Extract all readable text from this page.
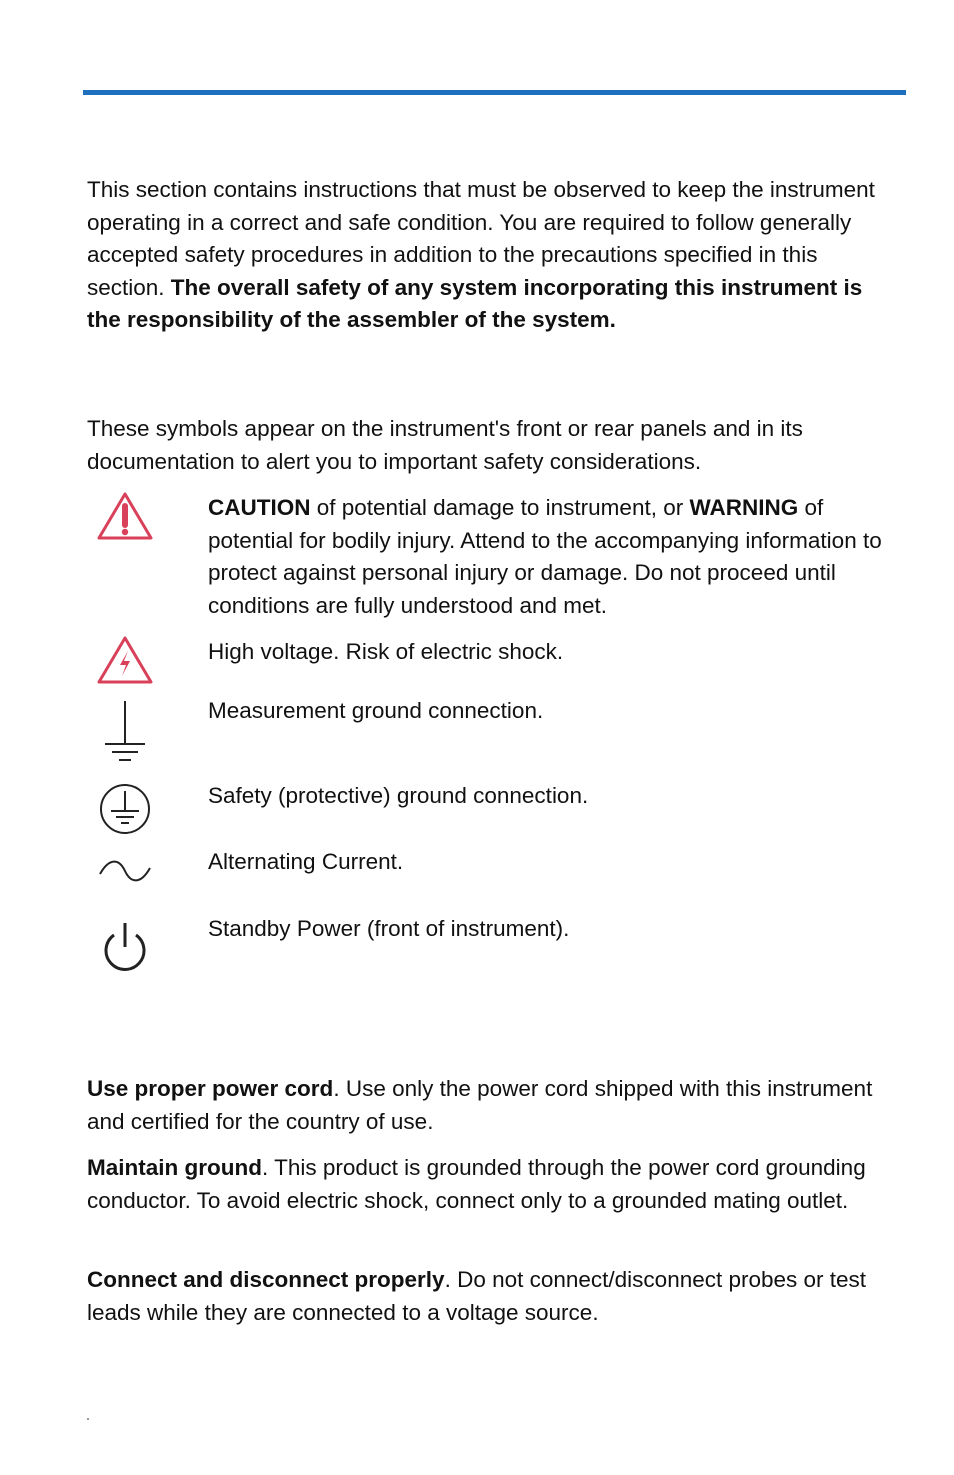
This section contains instructions that must be observed to keep the instrument operating in a correct and safe condition. You are required to follow generally accepted safety procedures in addition to the precautions specified in this section. The overall safety of any system incorporating this instrument is the responsibility of the assembler of the system.

These symbols appear on the instrument's front or rear panels and in its documentation to alert you to important safety considerations.

CAUTION of potential damage to instrument, or WARNING of potential for bodily injury. Attend to the accompanying information to protect against personal injury or damage. Do not proceed until conditions are fully understood and met.

High voltage. Risk of electric shock.

Measurement ground connection.

Safety (protective) ground connection.

Alternating Current.

Standby Power (front of instrument).

Use proper power cord. Use only the power cord shipped with this instrument and certified for the country of use.

Maintain ground. This product is grounded through the power cord grounding conductor. To avoid electric shock, connect only to a grounded mating outlet.

Connect and disconnect properly. Do not connect/disconnect probes or test leads while they are connected to a voltage source.
